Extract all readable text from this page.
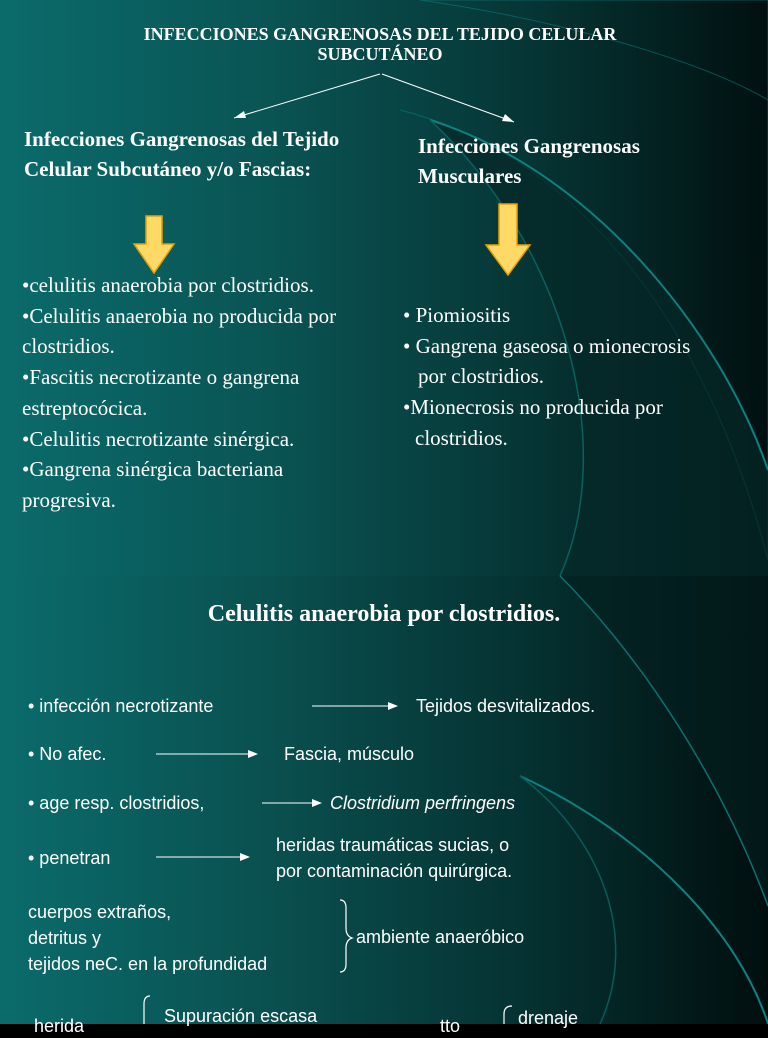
INFECCIONES GANGRENOSAS DEL TEJIDO CELULAR SUBCUTÁNEO
Infecciones Gangrenosas del Tejido Celular Subcutáneo y/o Fascias:
Infecciones Gangrenosas Musculares
•celulitis anaerobia por clostridios.
•Celulitis anaerobia no producida por clostridios.
•Fascitis necrotizante o gangrena estreptocócica.
•Celulitis necrotizante sinérgica.
•Gangrena sinérgica bacteriana progresiva.
• Piomiositis
• Gangrena gaseosa o mionecrosis
por clostridios.
•Mionecrosis no producida por
clostridios.
Celulitis anaerobia por clostridios.
• infección necrotizante	Tejidos desvitalizados.
• No afec.	Fascia, músculo
• age resp. clostridios,	Clostridium perfringens
• penetran
heridas traumáticas sucias, o
por contaminación quirúrgica.
cuerpos extraños,
detritus y
tejidos neC. en la profundidad
ambiente anaeróbico
herida	Supuración escasa	tto	drenaje
